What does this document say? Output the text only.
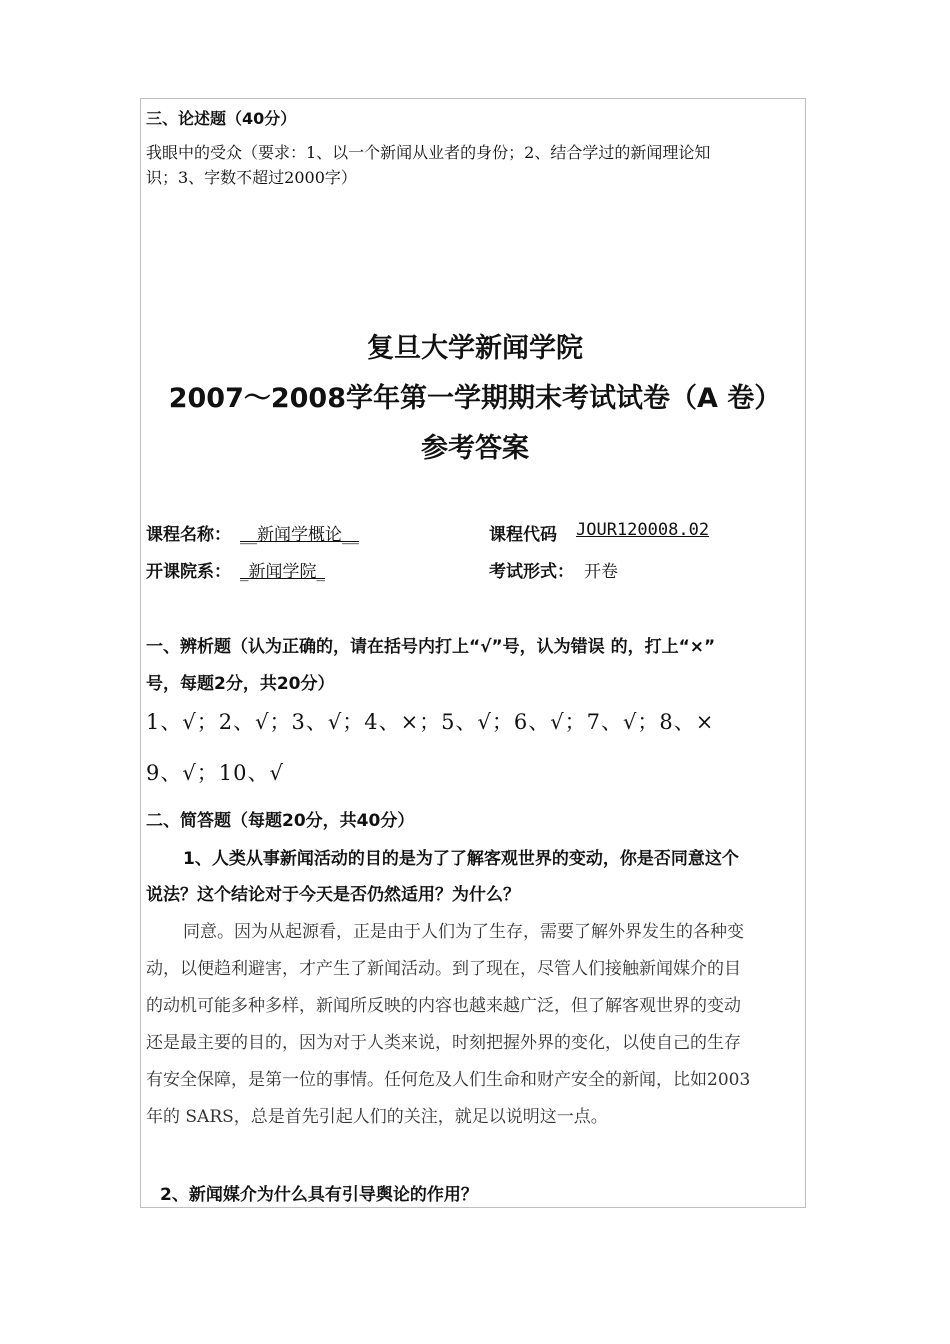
三、论述题（40分）
我眼中的受众（要求：1、以一个新闻从业者的身份；2、结合学过的新闻理论知
识；3、字数不超过2000字）
复旦大学新闻学院
2007～2008学年第一学期期末考试试卷（A 卷）
参考答案
课程名称： __新闻学概论__	课程代码 JOUR120008.02
开课院系： _新闻学院_	考试形式： 开卷
一、辨析题（认为正确的，请在括号内打上“√”号，认为错误 的，打上“×”
号，每题2分，共20分）
1、√；2、√；3、√；4、×；5、√；6、√；7、√；8、×
9、√；10、√
二、简答题（每题20分，共40分）
1、人类从事新闻活动的目的是为了了解客观世界的变动，你是否同意这个
说法？这个结论对于今天是否仍然适用？为什么？
同意。因为从起源看，正是由于人们为了生存，需要了解外界发生的各种变
动，以便趋利避害，才产生了新闻活动。到了现在，尽管人们接触新闻媒介的目
的动机可能多种多样，新闻所反映的内容也越来越广泛，但了解客观世界的变动
还是最主要的目的，因为对于人类来说，时刻把握外界的变化，以使自己的生存
有安全保障，是第一位的事情。任何危及人们生命和财产安全的新闻，比如2003
年的 SARS，总是首先引起人们的关注，就足以说明这一点。
2、新闻媒介为什么具有引导舆论的作用？
